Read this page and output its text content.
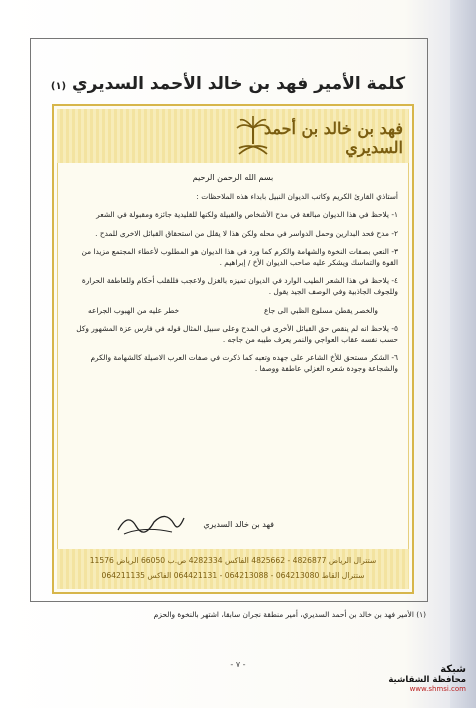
كلمة الأمير فهد بن خالد الأحمد السديري (١)
فهد بن خالد بن أحمد السديري
بسم الله الرحمن الرحيم
أستاذي القارئ الكريم وكاتب الديوان النبيل بابداء هذه الملاحظات :
١- يلاحظ في هذا الديوان مبالغة في مدح الأشخاص والقبيلة ولكنها للقليدية جائزة ومقبولة في الشعر
٢- مدح فحد البدارين وحمل الدواسر في محله ولكن هذا لا يقلل من استحقاق القبائل الاخرى للمدح .
٣- النعي بصفات النخوة والشهامة والكرم كما ورد في هذا الديوان هو المطلوب لأعطاء المجتمع مزيدا من القوة والتماسك ويشكر عليه صاحب الديوان الأخ / إبراهيم .
٤- يلاحظ في هذا الشعر الطيب الوارد في الديوان تميزه بالغزل ولاعجب فللقلب أحكام وللعاطفة الحرارة وللجوف الجاذبية وفي الوصف الجيد يقول .
والخصر يقطن مسلوع الظبي الى جاع
خطر عليه من الهبوب الجراعه
٥- يلاحظ انه لم ينقص حق القبائل الأخرى في المدح وعلى سبيل المثال قوله في فارس عزة المشهور وكل حسب نفسه عقاب العواجي والنمر يعرف طيبه من جاجه .
٦- الشكر مستحق للأخ الشاعر على جهده وتعبه كما ذكرت في صفات العرب الاصيلة كالشهامة والكرم والشجاعة وجودة شعره الغزلي عاطفة ووصفا .
فهد بن خالد السديري
ستترال الرياض 4826877 - 4825662 الفاكس 4282334 ص.ب 66050 الرياض 11576
ستترال القاط 064213080 - 064213088 - 064421131 الفاكس 064211135
(١) الأمير فهد بن خالد بن أحمد السديري، أمير منطقة نجران سابقا، اشتهر بالنخوة والحزم
- ٧ -	شبكة
محافظة الشقاشية
www.shmsi.com
